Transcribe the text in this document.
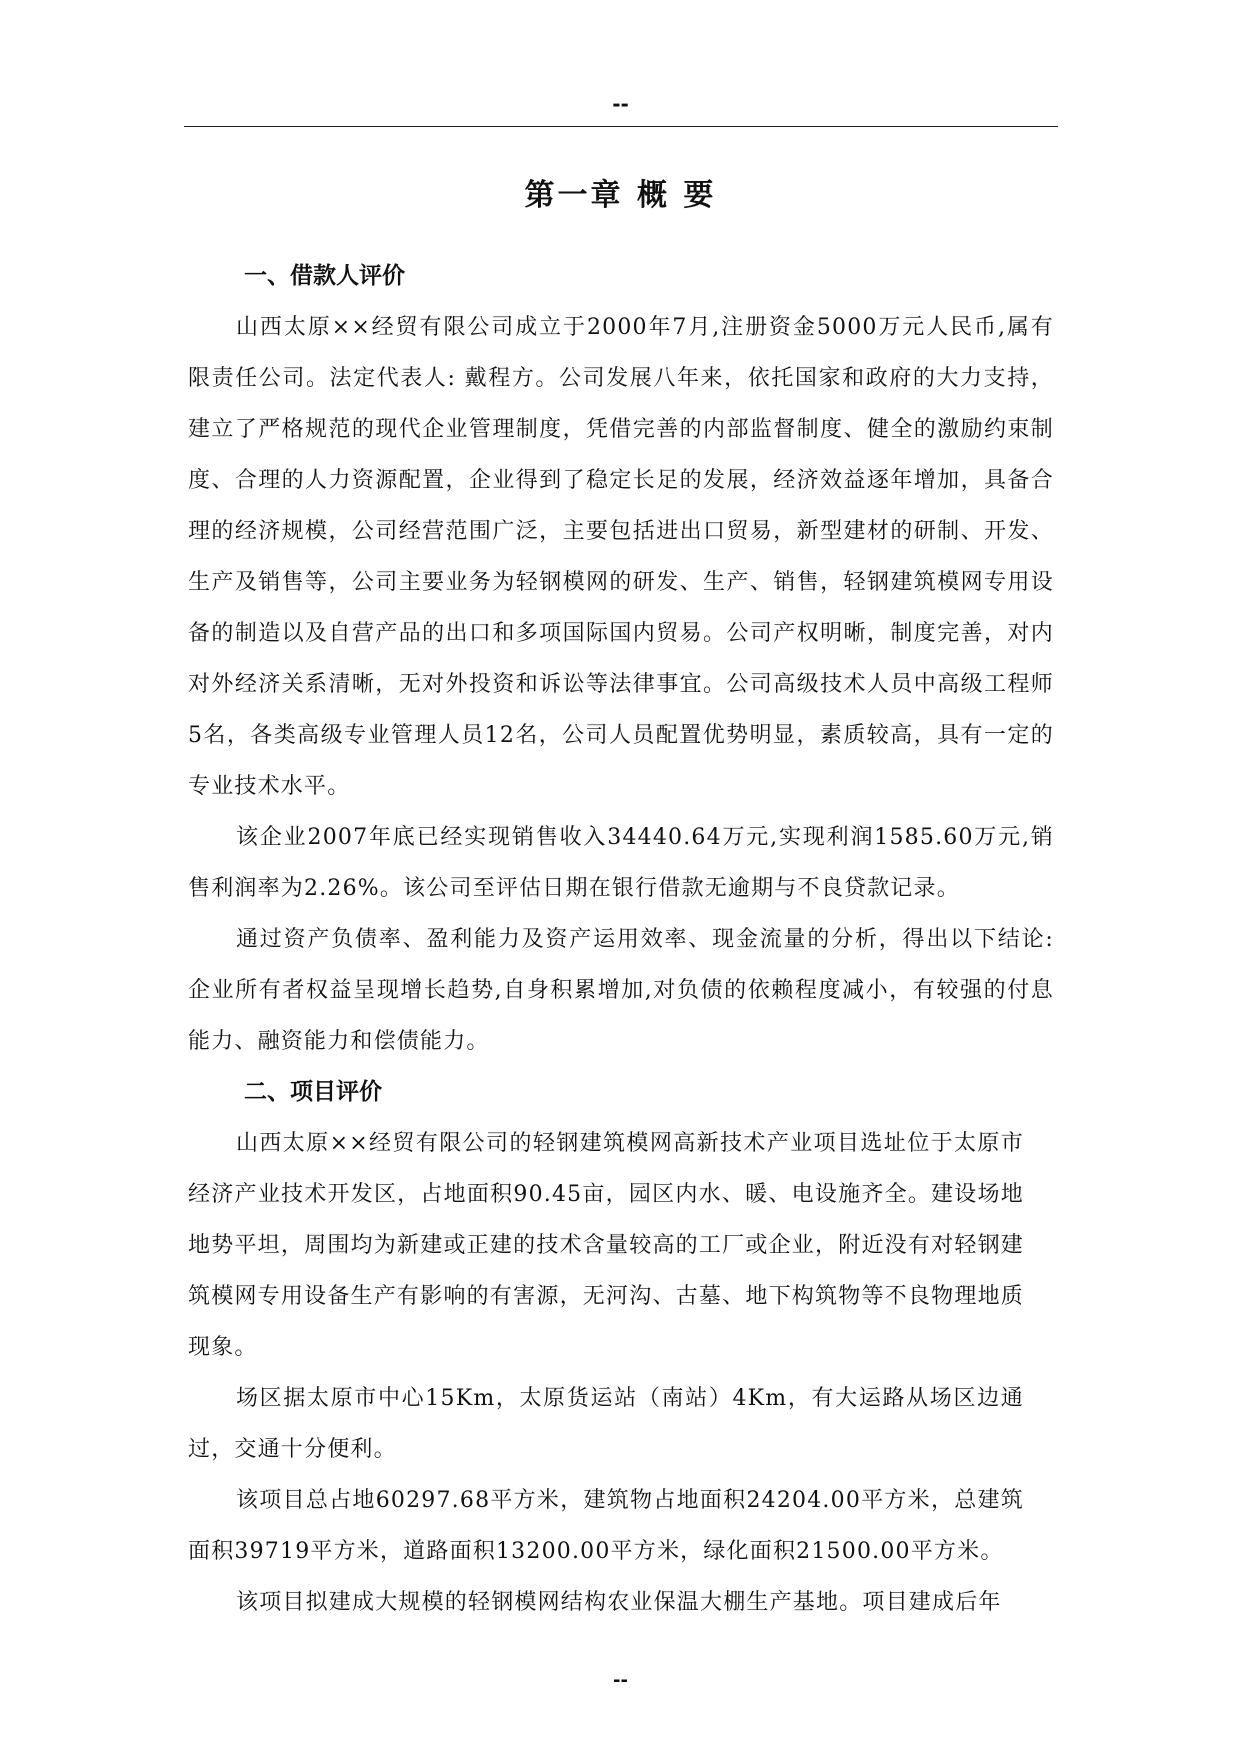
--
第一章 概 要
一、借款人评价

山西太原××经贸有限公司成立于2000年7月,注册资金5000万元人民币,属有限责任公司。法定代表人: 戴程方。公司发展八年来，依托国家和政府的大力支持，建立了严格规范的现代企业管理制度，凭借完善的内部监督制度、健全的激励约束制度、合理的人力资源配置，企业得到了稳定长足的发展，经济效益逐年增加，具备合理的经济规模，公司经营范围广泛，主要包括进出口贸易，新型建材的研制、开发、生产及销售等，公司主要业务为轻钢模网的研发、生产、销售，轻钢建筑模网专用设备的制造以及自营产品的出口和多项国际国内贸易。公司产权明晰，制度完善，对内对外经济关系清晰，无对外投资和诉讼等法律事宜。公司高级技术人员中高级工程师5名，各类高级专业管理人员12名，公司人员配置优势明显，素质较高，具有一定的专业技术水平。

该企业2007年底已经实现销售收入34440.64万元,实现利润1585.60万元,销售利润率为2.26%。该公司至评估日期在银行借款无逾期与不良贷款记录。

通过资产负债率、盈利能力及资产运用效率、现金流量的分析，得出以下结论: 企业所有者权益呈现增长趋势,自身积累增加,对负债的依赖程度减小，有较强的付息能力、融资能力和偿债能力。

二、项目评价

山西太原××经贸有限公司的轻钢建筑模网高新技术产业项目选址位于太原市经济产业技术开发区，占地面积90.45亩，园区内水、暖、电设施齐全。建设场地地势平坦，周围均为新建或正建的技术含量较高的工厂或企业，附近没有对轻钢建筑模网专用设备生产有影响的有害源，无河沟、古墓、地下构筑物等不良物理地质现象。

场区据太原市中心15Km，太原货运站（南站）4Km，有大运路从场区边通过，交通十分便利。

该项目总占地60297.68平方米，建筑物占地面积24204.00平方米，总建筑面积39719平方米，道路面积13200.00平方米，绿化面积21500.00平方米。

该项目拟建成大规模的轻钢模网结构农业保温大棚生产基地。项目建成后年

--
